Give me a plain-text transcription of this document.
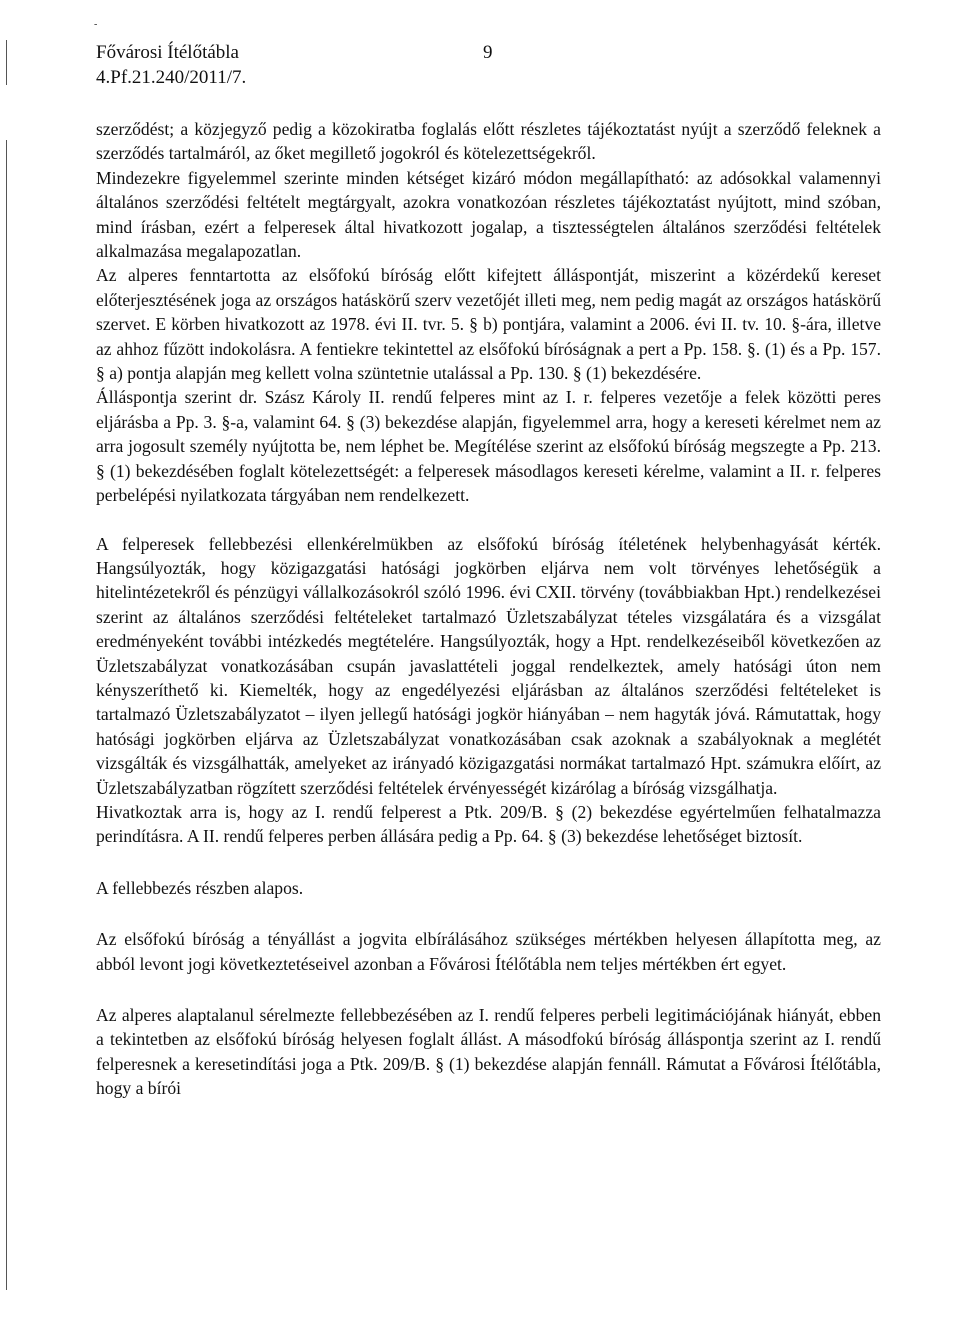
-
Fővárosi Ítélőtábla
4.Pf.21.240/2011/7.
9

szerződést; a közjegyző pedig a közokiratba foglalás előtt részletes tájékoztatást nyújt a szerződő feleknek a szerződés tartalmáról, az őket megillető jogokról és kötelezettségekről.

Mindezekre figyelemmel szerinte minden kétséget kizáró módon megállapítható: az adósokkal valamennyi általános szerződési feltételt megtárgyalt, azokra vonatkozóan részletes tájékoztatást nyújtott, mind szóban, mind írásban, ezért a felperesek által hivatkozott jogalap, a tisztességtelen általános szerződési feltételek alkalmazása megalapozatlan.

Az alperes fenntartotta az elsőfokú bíróság előtt kifejtett álláspontját, miszerint a közérdekű kereset előterjesztésének joga az országos hatáskörű szerv vezetőjét illeti meg, nem pedig magát az országos hatáskörű szervet. E körben hivatkozott az 1978. évi II. tvr. 5. § b) pontjára, valamint a 2006. évi II. tv. 10. §-ára, illetve az ahhoz fűzött indokolásra. A fentiekre tekintettel az elsőfokú bíróságnak a pert a Pp. 158. §. (1) és a Pp. 157. § a) pontja alapján meg kellett volna szüntetnie utalással a Pp. 130. § (1) bekezdésére.

Álláspontja szerint dr. Szász Károly II. rendű felperes mint az I. r. felperes vezetője a felek közötti peres eljárásba a Pp. 3. §-a, valamint 64. § (3) bekezdése alapján, figyelemmel arra, hogy a kereseti kérelmet nem az arra jogosult személy nyújtotta be, nem léphet be. Megítélése szerint az elsőfokú bíróság megszegte a Pp. 213. § (1) bekezdésében foglalt kötelezettségét: a felperesek másodlagos kereseti kérelme, valamint a II. r. felperes perbelépési nyilatkozata tárgyában nem rendelkezett.

A felperesek fellebbezési ellenkérelmükben az elsőfokú bíróság ítéletének helybenhagyását kérték. Hangsúlyozták, hogy közigazgatási hatósági jogkörben eljárva nem volt törvényes lehetőségük a hitelintézetekről és pénzügyi vállalkozásokról szóló 1996. évi CXII. törvény (továbbiakban Hpt.) rendelkezései szerint az általános szerződési feltételeket tartalmazó Üzletszabályzat tételes vizsgálatára és a vizsgálat eredményeként további intézkedés megtételére. Hangsúlyozták, hogy a Hpt. rendelkezéseiből következően az Üzletszabályzat vonatkozásában csupán javaslattételi joggal rendelkeztek, amely hatósági úton nem kényszeríthető ki. Kiemelték, hogy az engedélyezési eljárásban az általános szerződési feltételeket is tartalmazó Üzletszabályzatot – ilyen jellegű hatósági jogkör hiányában – nem hagyták jóvá. Rámutattak, hogy hatósági jogkörben eljárva az Üzletszabályzat vonatkozásában csak azoknak a szabályoknak a meglétét vizsgálták és vizsgálhatták, amelyeket az irányadó közigazgatási normákat tartalmazó Hpt. számukra előírt, az Üzletszabályzatban rögzített szerződési feltételek érvényességét kizárólag a bíróság vizsgálhatja.

Hivatkoztak arra is, hogy az I. rendű felperest a Ptk. 209/B. § (2) bekezdése egyértelműen felhatalmazza perindításra. A II. rendű felperes perben állására pedig a Pp. 64. § (3) bekezdése lehetőséget biztosít.

A fellebbezés részben alapos.

Az elsőfokú bíróság a tényállást a jogvita elbírálásához szükséges mértékben helyesen állapította meg, az abból levont jogi következtetéseivel azonban a Fővárosi Ítélőtábla nem teljes mértékben ért egyet.

Az alperes alaptalanul sérelmezte fellebbezésében az I. rendű felperes perbeli legitimációjának hiányát, ebben a tekintetben az elsőfokú bíróság helyesen foglalt állást. A másodfokú bíróság álláspontja szerint az I. rendű felperesnek a keresetindítási joga a Ptk. 209/B. § (1) bekezdése alapján fennáll. Rámutat a Fővárosi Ítélőtábla, hogy a bírói
